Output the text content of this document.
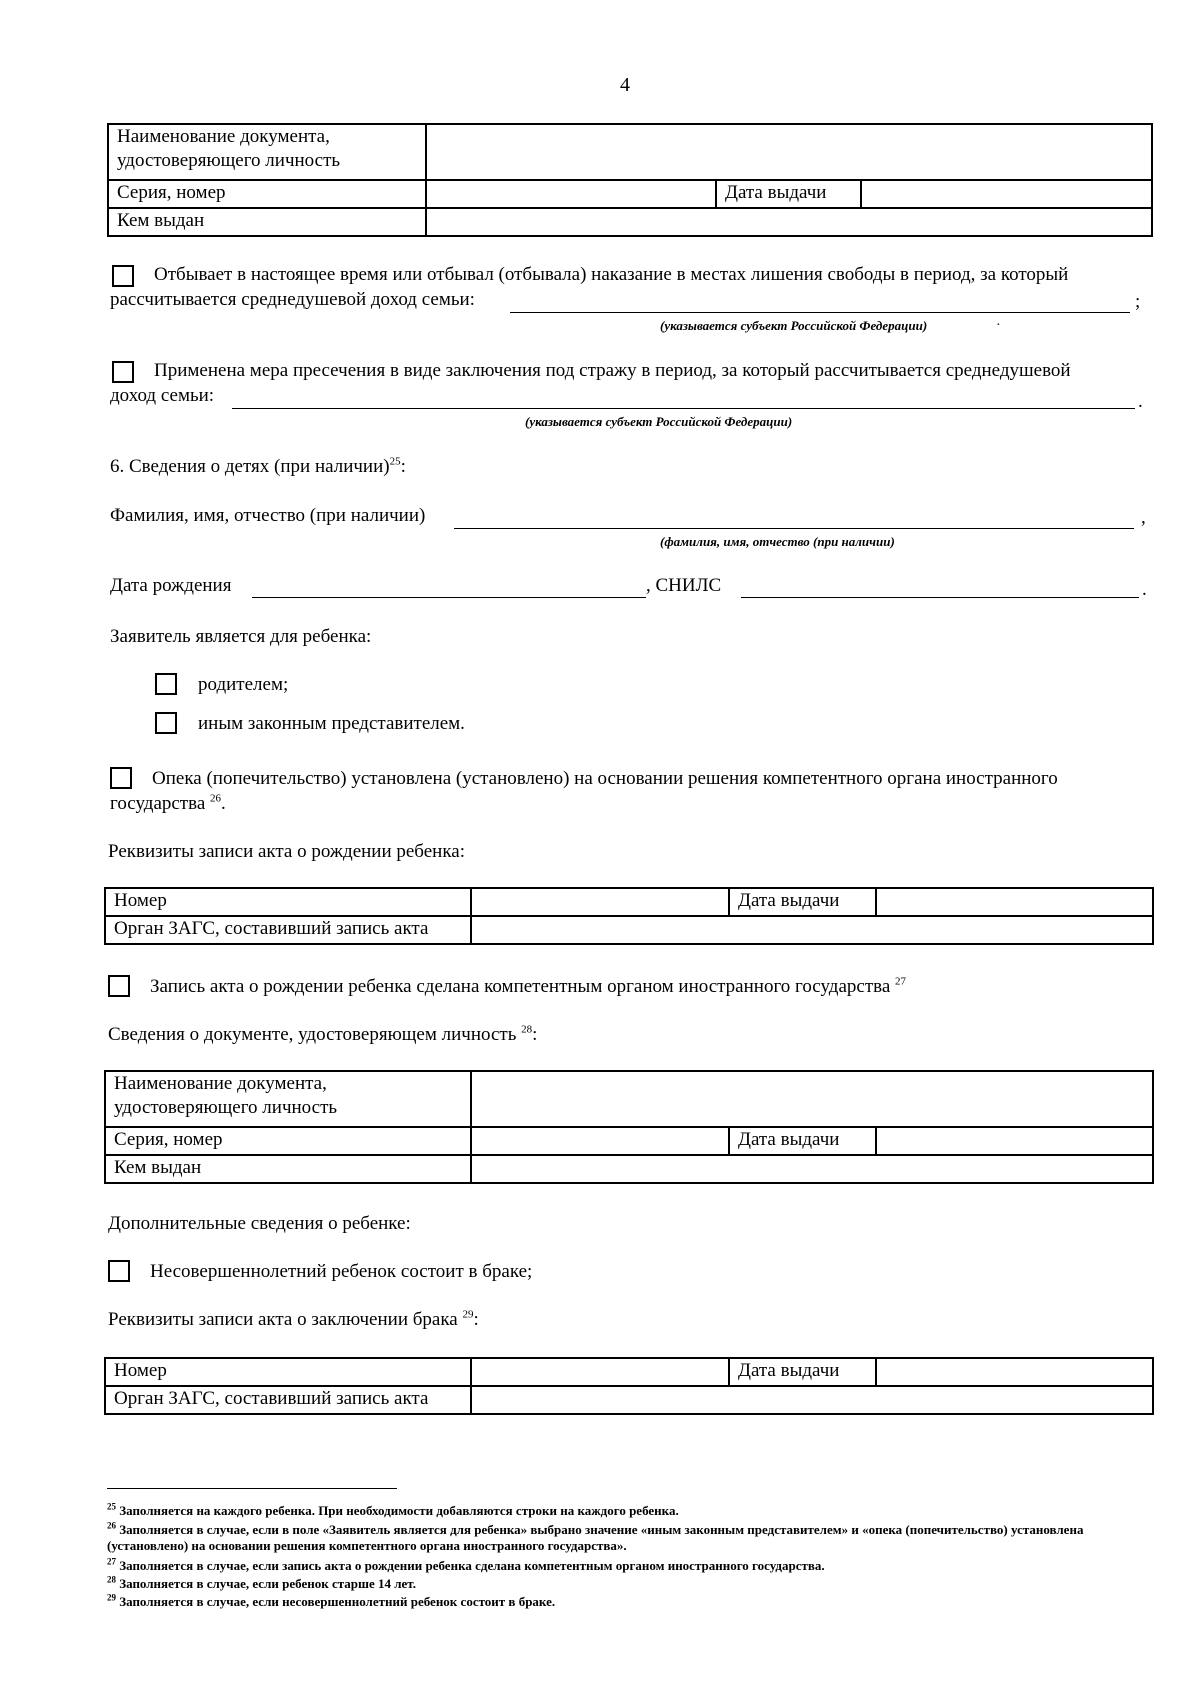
4
Наименование документа, удостоверяющего личность			
Серия, номер		Дата выдачи	
Кем выдан			
Отбывает в настоящее время или отбывал (отбывала) наказание в местах лишения свободы в период, за который
рассчитывается среднедушевой доход семьи:	;
(указывается субъект Российской Федерации)	·
Применена мера пресечения в виде заключения под стражу в период, за который рассчитывается среднедушевой
доход семьи:	.
(указывается субъект Российской Федерации)
6. Сведения о детях (при наличии)$^{25}$:
Фамилия, имя, отчество (при наличии)	,
(фамилия, имя, отчество (при наличии)
Дата рождения	, СНИЛС	.
Заявитель является для ребенка:
родителем;
иным законным представителем.
Опека (попечительство) установлена (установлено) на основании решения компетентного органа иностранного
государства $^{26}$.
Реквизиты записи акта о рождении ребенка:
Номер		Дата выдачи	
Орган ЗАГС, составивший запись акта			
Запись акта о рождении ребенка сделана компетентным органом иностранного государства $^{27}$
Сведения о документе, удостоверяющем личность $^{28}$:
Наименование документа, удостоверяющего личность			
Серия, номер		Дата выдачи	
Кем выдан			
Дополнительные сведения о ребенке:
Несовершеннолетний ребенок состоит в браке;
Реквизиты записи акта о заключении брака $^{29}$:
Номер		Дата выдачи	
Орган ЗАГС, составивший запись акта			
$^{25}$ Заполняется на каждого ребенка. При необходимости добавляются строки на каждого ребенка.
$^{26}$ Заполняется в случае, если в поле «Заявитель является для ребенка» выбрано значение «иным законным представителем» и «опека (попечительство) установлена (установлено) на основании решения компетентного органа иностранного государства».
$^{27}$ Заполняется в случае, если запись акта о рождении ребенка сделана компетентным органом иностранного государства.
$^{28}$ Заполняется в случае, если ребенок старше 14 лет.
$^{29}$ Заполняется в случае, если несовершеннолетний ребенок состоит в браке.
